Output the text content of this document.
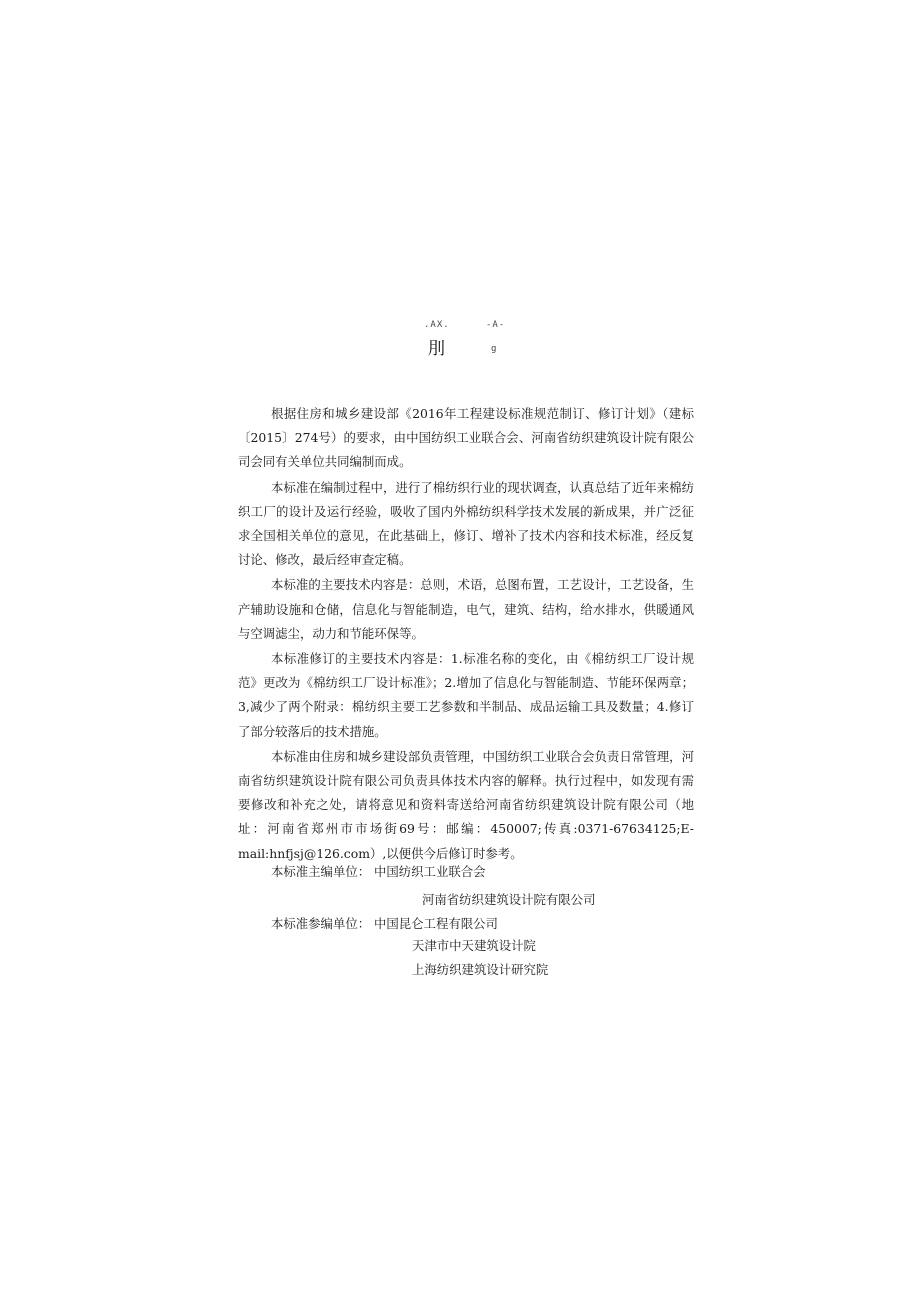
.AX.	-A-
刖	g

根据住房和城乡建设部《2016年工程建设标准规范制订、修订计划》（建标〔2015〕274号）的要求，由中国纺织工业联合会、河南省纺织建筑设计院有限公司会同有关单位共同编制而成。

本标准在编制过程中，进行了棉纺织行业的现状调查，认真总结了近年来棉纺织工厂的设计及运行经验，吸收了国内外棉纺织科学技术发展的新成果，并广泛征求全国相关单位的意见，在此基础上，修订、增补了技术内容和技术标准，经反复讨论、修改，最后经审查定稿。

本标准的主要技术内容是：总则，术语，总图布置，工艺设计，工艺设备，生产辅助设施和仓储，信息化与智能制造，电气，建筑、结构，给水排水，供暖通风与空调滤尘，动力和节能环保等。

本标准修订的主要技术内容是：1.标准名称的变化，由《棉纺织工厂设计规范》更改为《棉纺织工厂设计标准》；2.增加了信息化与智能制造、节能环保两章；3,减少了两个附录：棉纺织主要工艺参数和半制品、成品运输工具及数量；4.修订了部分较落后的技术措施。

本标准由住房和城乡建设部负责管理，中国纺织工业联合会负责日常管理，河南省纺织建筑设计院有限公司负责具体技术内容的解释。执行过程中，如发现有需要修改和补充之处，请将意见和资料寄送给河南省纺织建筑设计院有限公司（地址：河南省郑州市市场街69号：邮编：450007;传真:0371-67634125;E-mail:hnfjsj@126.com）,以便供今后修订时参考。

本标准主编单位： 中国纺织工业联合会
河南省纺织建筑设计院有限公司
本标准参编单位： 中国昆仑工程有限公司
天津市中天建筑设计院
上海纺织建筑设计研究院
